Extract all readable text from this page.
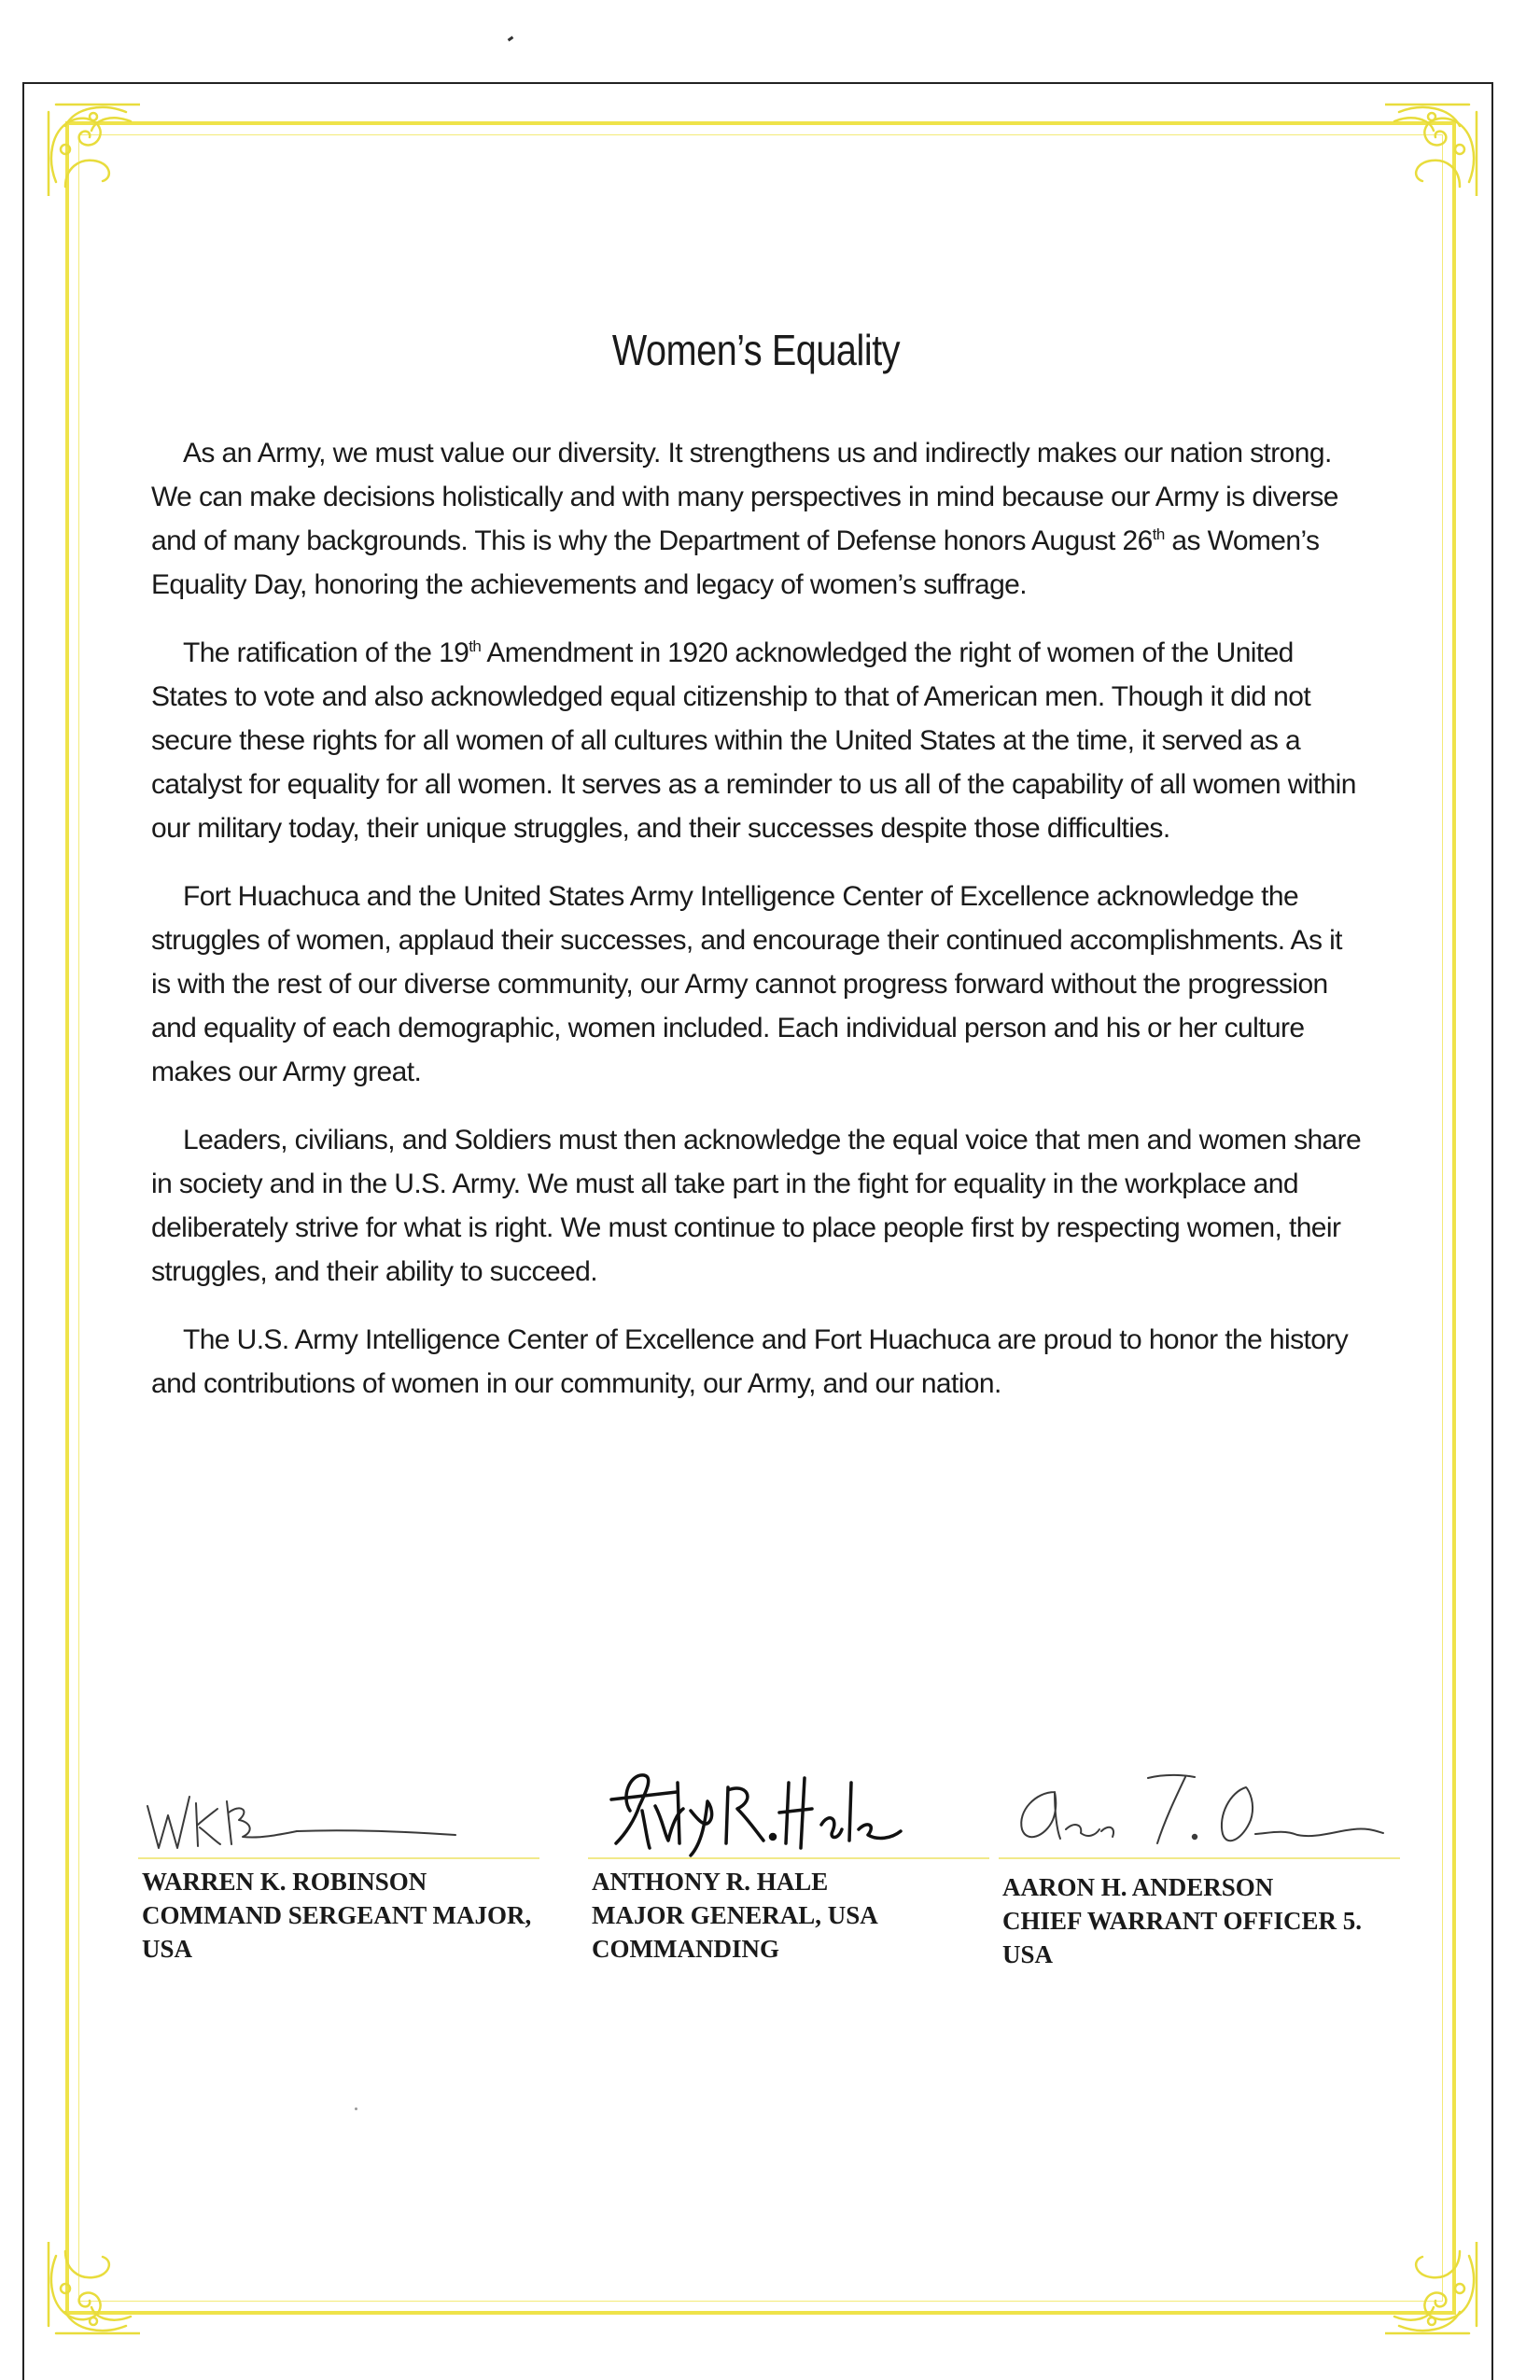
Women’s Equality

As an Army, we must value our diversity. It strengthens us and indirectly makes our nation strong. We can make decisions holistically and with many perspectives in mind because our Army is diverse and of many backgrounds. This is why the Department of Defense honors August 26th as Women’s Equality Day, honoring the achievements and legacy of women’s suffrage.

The ratification of the 19th Amendment in 1920 acknowledged the right of women of the United States to vote and also acknowledged equal citizenship to that of American men. Though it did not secure these rights for all women of all cultures within the United States at the time, it served as a catalyst for equality for all women. It serves as a reminder to us all of the capability of all women within our military today, their unique struggles, and their successes despite those difficulties.

Fort Huachuca and the United States Army Intelligence Center of Excellence acknowledge the struggles of women, applaud their successes, and encourage their continued accomplishments. As it is with the rest of our diverse community, our Army cannot progress forward without the progression and equality of each demographic, women included. Each individual person and his or her culture makes our Army great.

Leaders, civilians, and Soldiers must then acknowledge the equal voice that men and women share in society and in the U.S. Army. We must all take part in the fight for equality in the workplace and deliberately strive for what is right. We must continue to place people first by respecting women, their struggles, and their ability to succeed.

The U.S. Army Intelligence Center of Excellence and Fort Huachuca are proud to honor the history and contributions of women in our community, our Army, and our nation.

WARREN K. ROBINSON
COMMAND SERGEANT MAJOR,
USA
ANTHONY R. HALE
MAJOR GENERAL, USA
COMMANDING
AARON H. ANDERSON
CHIEF WARRANT OFFICER 5.
USA
